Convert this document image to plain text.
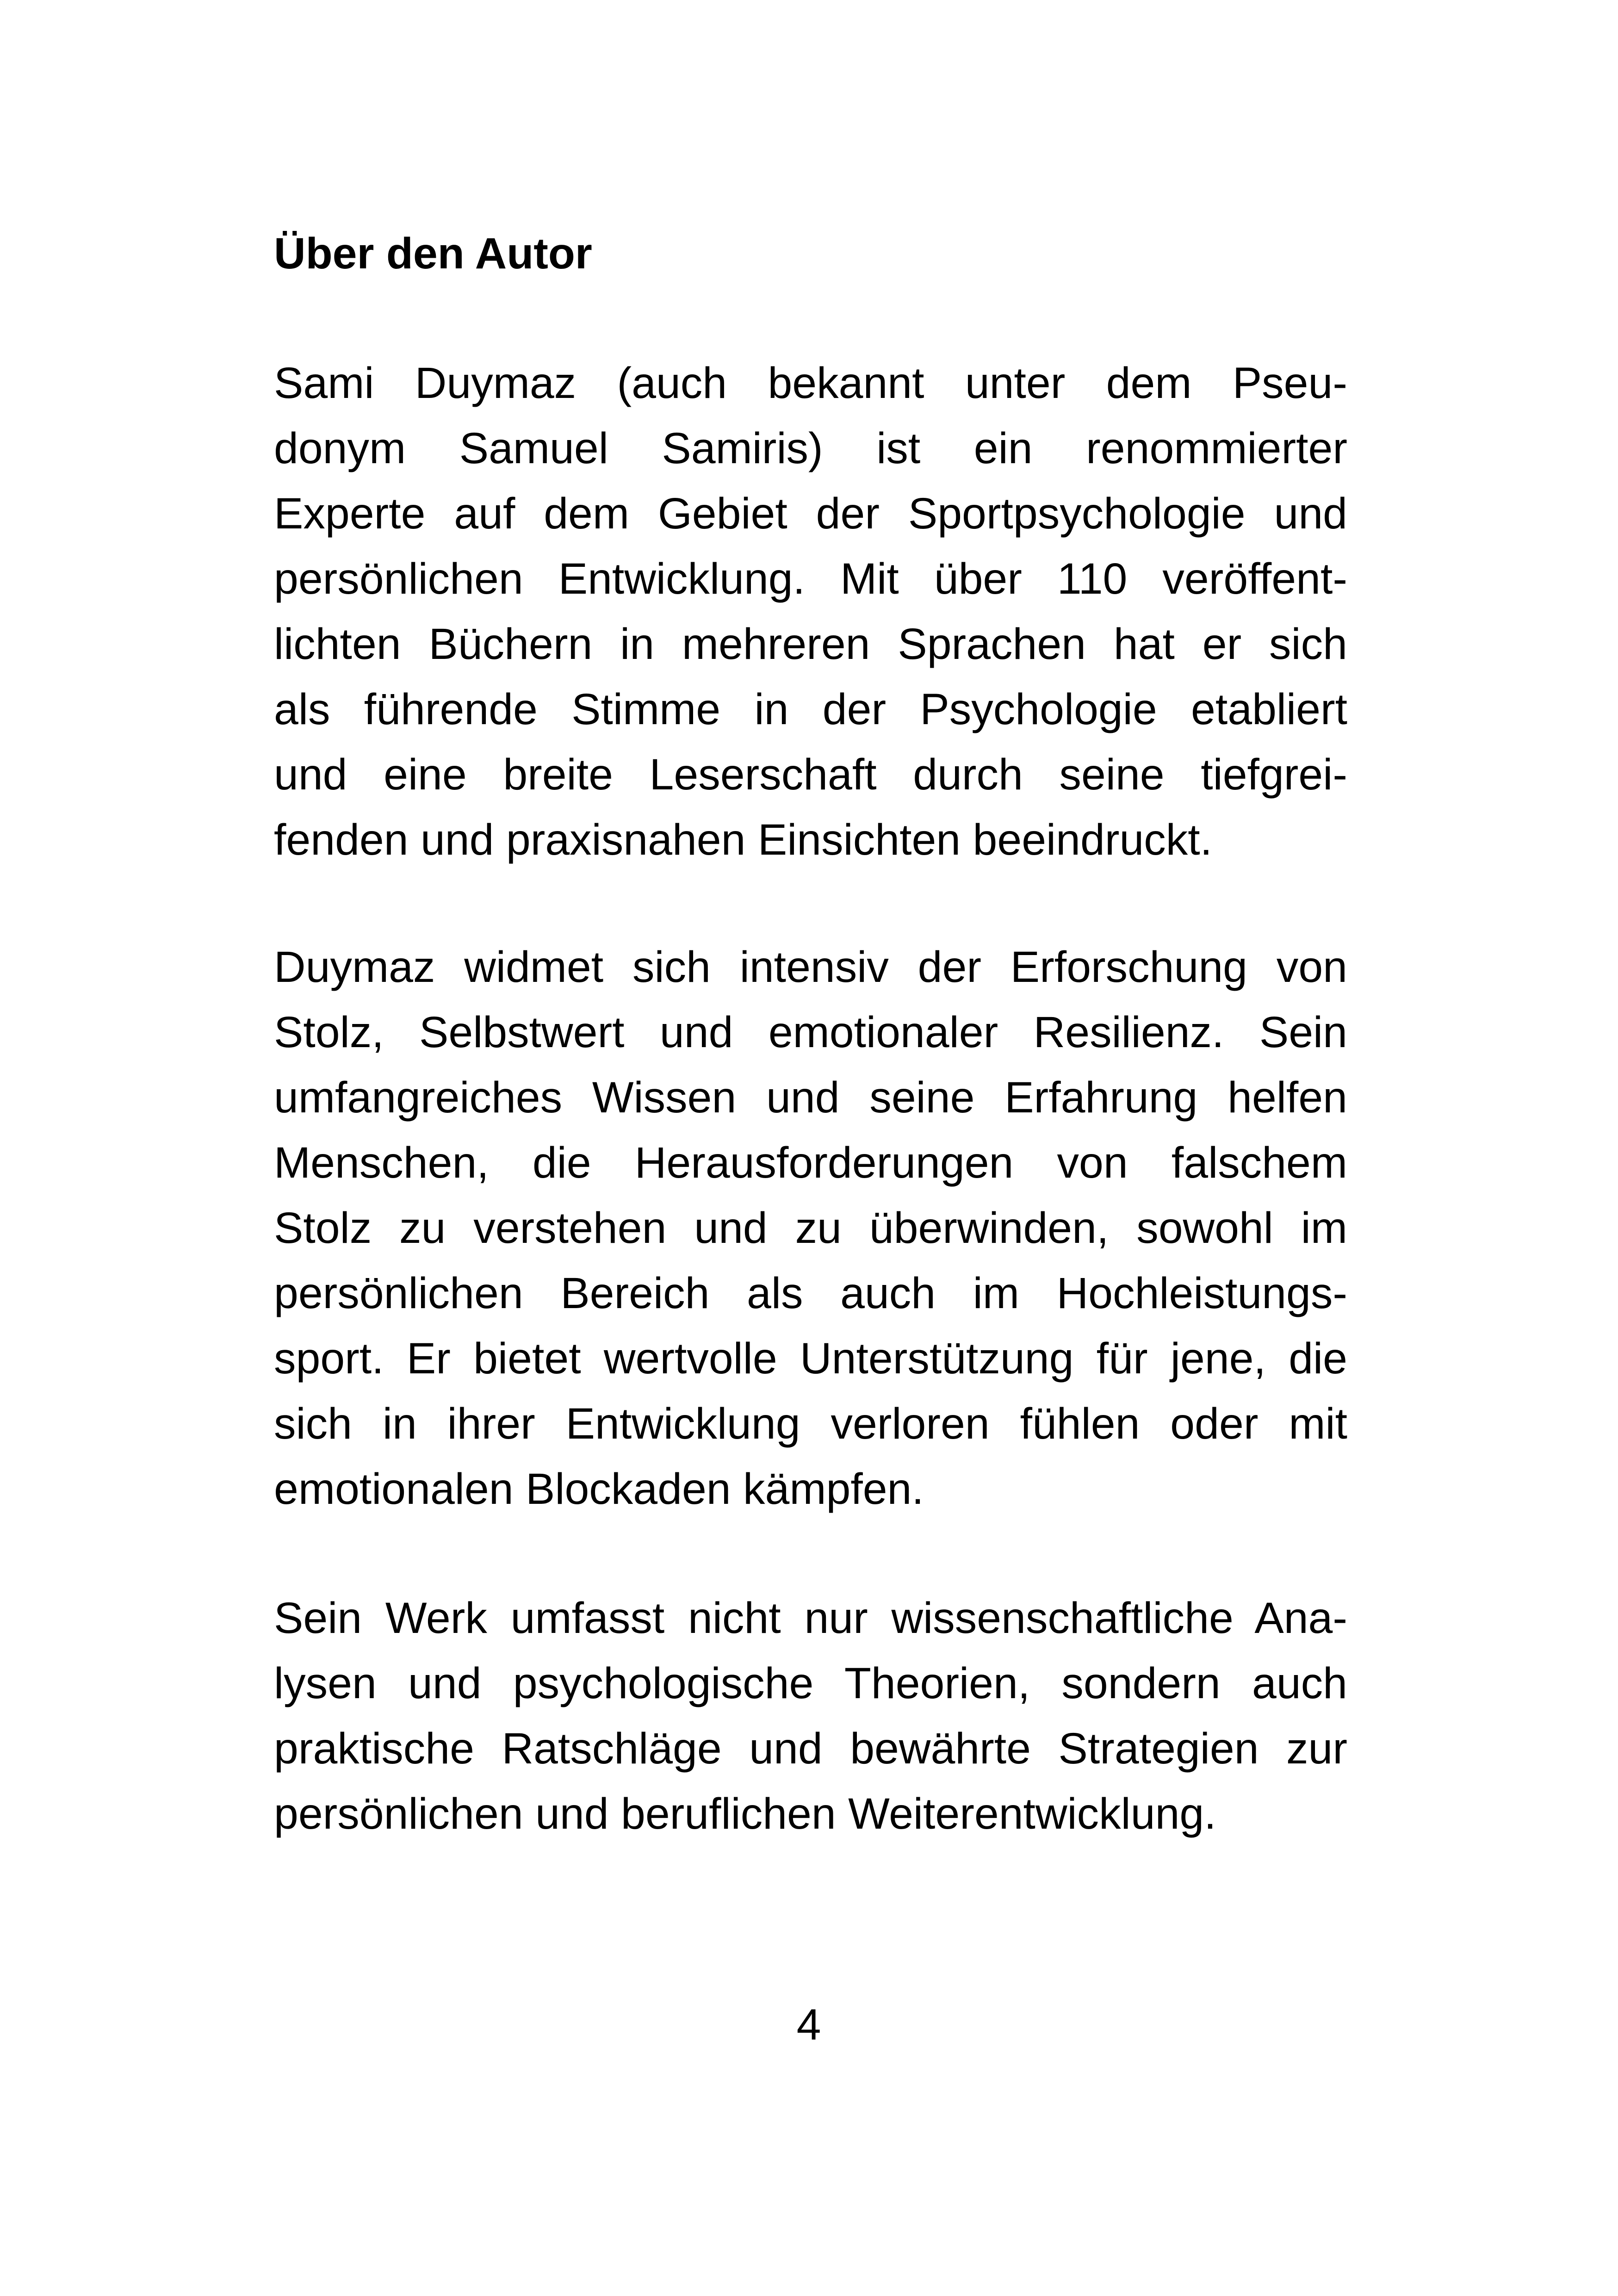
Über den Autor
Sami Duymaz (auch bekannt unter dem Pseu-
donym Samuel Samiris) ist ein renommierter
Experte auf dem Gebiet der Sportpsychologie und
persönlichen Entwicklung. Mit über 110 veröffent-
lichten Büchern in mehreren Sprachen hat er sich
als führende Stimme in der Psychologie etabliert
und eine breite Leserschaft durch seine tiefgrei-
fenden und praxisnahen Einsichten beeindruckt.
Duymaz widmet sich intensiv der Erforschung von
Stolz, Selbstwert und emotionaler Resilienz. Sein
umfangreiches Wissen und seine Erfahrung helfen
Menschen, die Herausforderungen von falschem
Stolz zu verstehen und zu überwinden, sowohl im
persönlichen Bereich als auch im Hochleistungs-
sport. Er bietet wertvolle Unterstützung für jene, die
sich in ihrer Entwicklung verloren fühlen oder mit
emotionalen Blockaden kämpfen.
Sein Werk umfasst nicht nur wissenschaftliche Ana-
lysen und psychologische Theorien, sondern auch
praktische Ratschläge und bewährte Strategien zur
persönlichen und beruflichen Weiterentwicklung.
4
